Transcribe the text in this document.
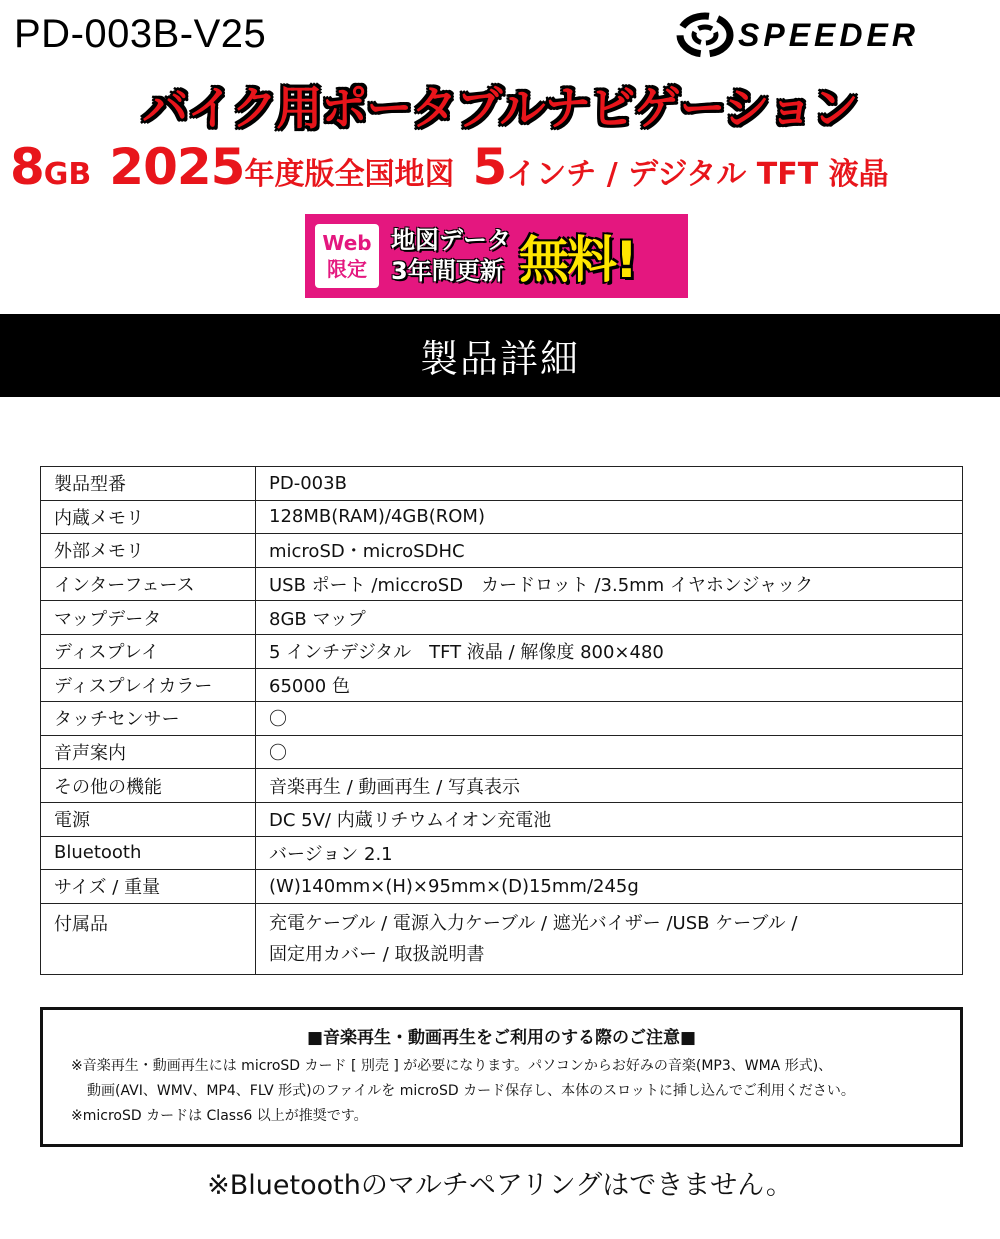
PD-003B-V25	SPEEDER
バイク用ポータブルナビゲーション
8 GB 2025 年度版全国地図 5 インチ / デジタル TFT 液晶
Web
限定
地図データ
3年間更新 無料!
製品詳細
製品型番	PD-003B
内蔵メモリ	128MB(RAM)/4GB(ROM)
外部メモリ	microSD・microSDHC
インターフェース	USB ポート /miccroSD　カードロット /3.5mm イヤホンジャック
マップデータ	8GB マップ
ディスプレイ	5 インチデジタル　TFT 液晶 / 解像度 800×480
ディスプレイカラー	65000 色
タッチセンサー	〇
音声案内	〇
その他の機能	音楽再生 / 動画再生 / 写真表示
電源	DC 5V/ 内蔵リチウムイオン充電池
Bluetooth	バージョン 2.1
サイズ / 重量	(W)140mm×(H)×95mm×(D)15mm/245g
付属品	充電ケーブル / 電源入力ケーブル / 遮光バイザー /USB ケーブル /
固定用カバー / 取扱説明書
■音楽再生・動画再生をご利用のする際のご注意■
※音楽再生・動画再生には microSD カード [ 別売 ] が必要になります。パソコンからお好みの音楽(MP3、WMA 形式)、
動画(AVI、WMV、MP4、FLV 形式)のファイルを microSD カード保存し、本体のスロットに挿し込んでご利用ください。
※microSD カードは Class6 以上が推奨です。
※Bluetoothのマルチペアリングはできません。
